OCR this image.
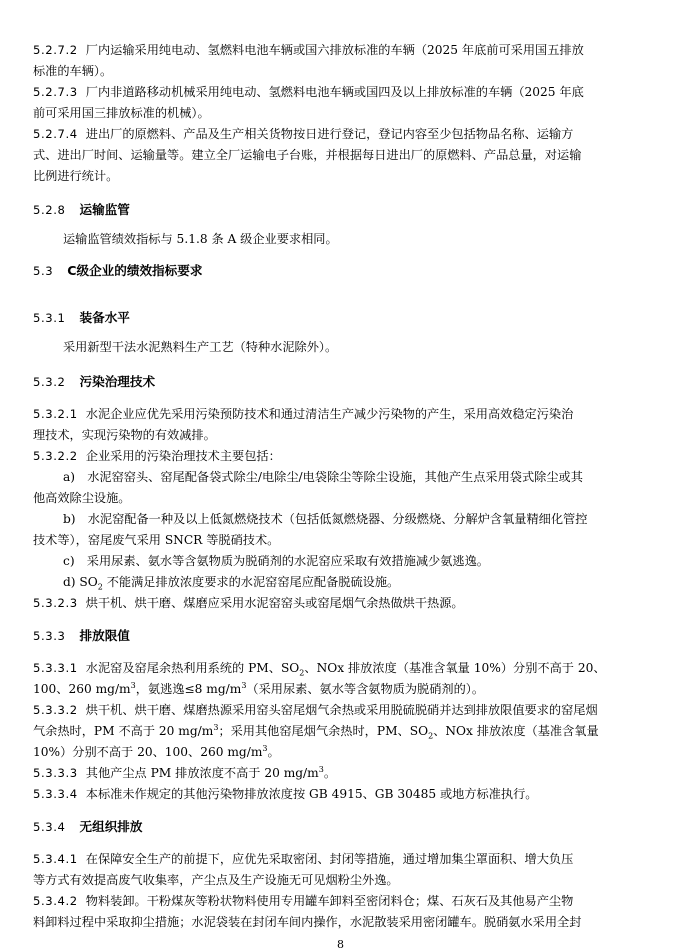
5.2.7.2 厂内运输采用纯电动、氢燃料电池车辆或国六排放标准的车辆（2025 年底前可采用国五排放
标准的车辆）。
5.2.7.3 厂内非道路移动机械采用纯电动、氢燃料电池车辆或国四及以上排放标准的车辆（2025 年底
前可采用国三排放标准的机械）。
5.2.7.4 进出厂的原燃料、产品及生产相关货物按日进行登记，登记内容至少包括物品名称、运输方
式、进出厂时间、运输量等。建立全厂运输电子台账，并根据每日进出厂的原燃料、产品总量，对运输
比例进行统计。
5.2.8 运输监管
运输监管绩效指标与 5.1.8 条 A 级企业要求相同。
5.3 C级企业的绩效指标要求
5.3.1 装备水平
采用新型干法水泥熟料生产工艺（特种水泥除外）。
5.3.2 污染治理技术
5.3.2.1 水泥企业应优先采用污染预防技术和通过清洁生产减少污染物的产生，采用高效稳定污染治
理技术，实现污染物的有效减排。
5.3.2.2 企业采用的污染治理技术主要包括：
a)　水泥窑窑头、窑尾配备袋式除尘/电除尘/电袋除尘等除尘设施，其他产生点采用袋式除尘或其
他高效除尘设施。
b)　水泥窑配备一种及以上低氮燃烧技术（包括低氮燃烧器、分级燃烧、分解炉含氧量精细化管控
技术等），窑尾废气采用 SNCR 等脱硝技术。
c)　采用尿素、氨水等含氨物质为脱硝剂的水泥窑应采取有效措施减少氨逃逸。
d) $SO_2$ 不能满足排放浓度要求的水泥窑窑尾应配备脱硫设施。
5.3.2.3 烘干机、烘干磨、煤磨应采用水泥窑窑头或窑尾烟气余热做烘干热源。
5.3.3 排放限值
5.3.3.1 水泥窑及窑尾余热利用系统的 PM、$SO_2$、NOx 排放浓度（基准含氧量 10%）分别不高于 20、
100、260 $mg/m^3$，氨逃逸≤8 $mg/m^3$（采用尿素、氨水等含氨物质为脱硝剂的）。
5.3.3.2 烘干机、烘干磨、煤磨热源采用窑头窑尾烟气余热或采用脱硫脱硝并达到排放限值要求的窑尾烟
气余热时，PM 不高于 20 $mg/m^3$；采用其他窑尾烟气余热时，PM、$SO_2$、NOx 排放浓度（基准含氧量
10%）分别不高于 20、100、260 $mg/m^3$。
5.3.3.3 其他产尘点 PM 排放浓度不高于 20 $mg/m^3$。
5.3.3.4 本标准未作规定的其他污染物排放浓度按 GB 4915、GB 30485 或地方标准执行。
5.3.4 无组织排放
5.3.4.1 在保障安全生产的前提下，应优先采取密闭、封闭等措施，通过增加集尘罩面积、增大负压
等方式有效提高废气收集率，产尘点及生产设施无可见烟粉尘外逸。
5.3.4.2 物料装卸。干粉煤灰等粉状物料使用专用罐车卸料至密闭料仓；煤、石灰石及其他易产尘物
料卸料过程中采取抑尘措施；水泥袋装在封闭车间内操作，水泥散装采用密闭罐车。脱硝氨水采用全封
8
